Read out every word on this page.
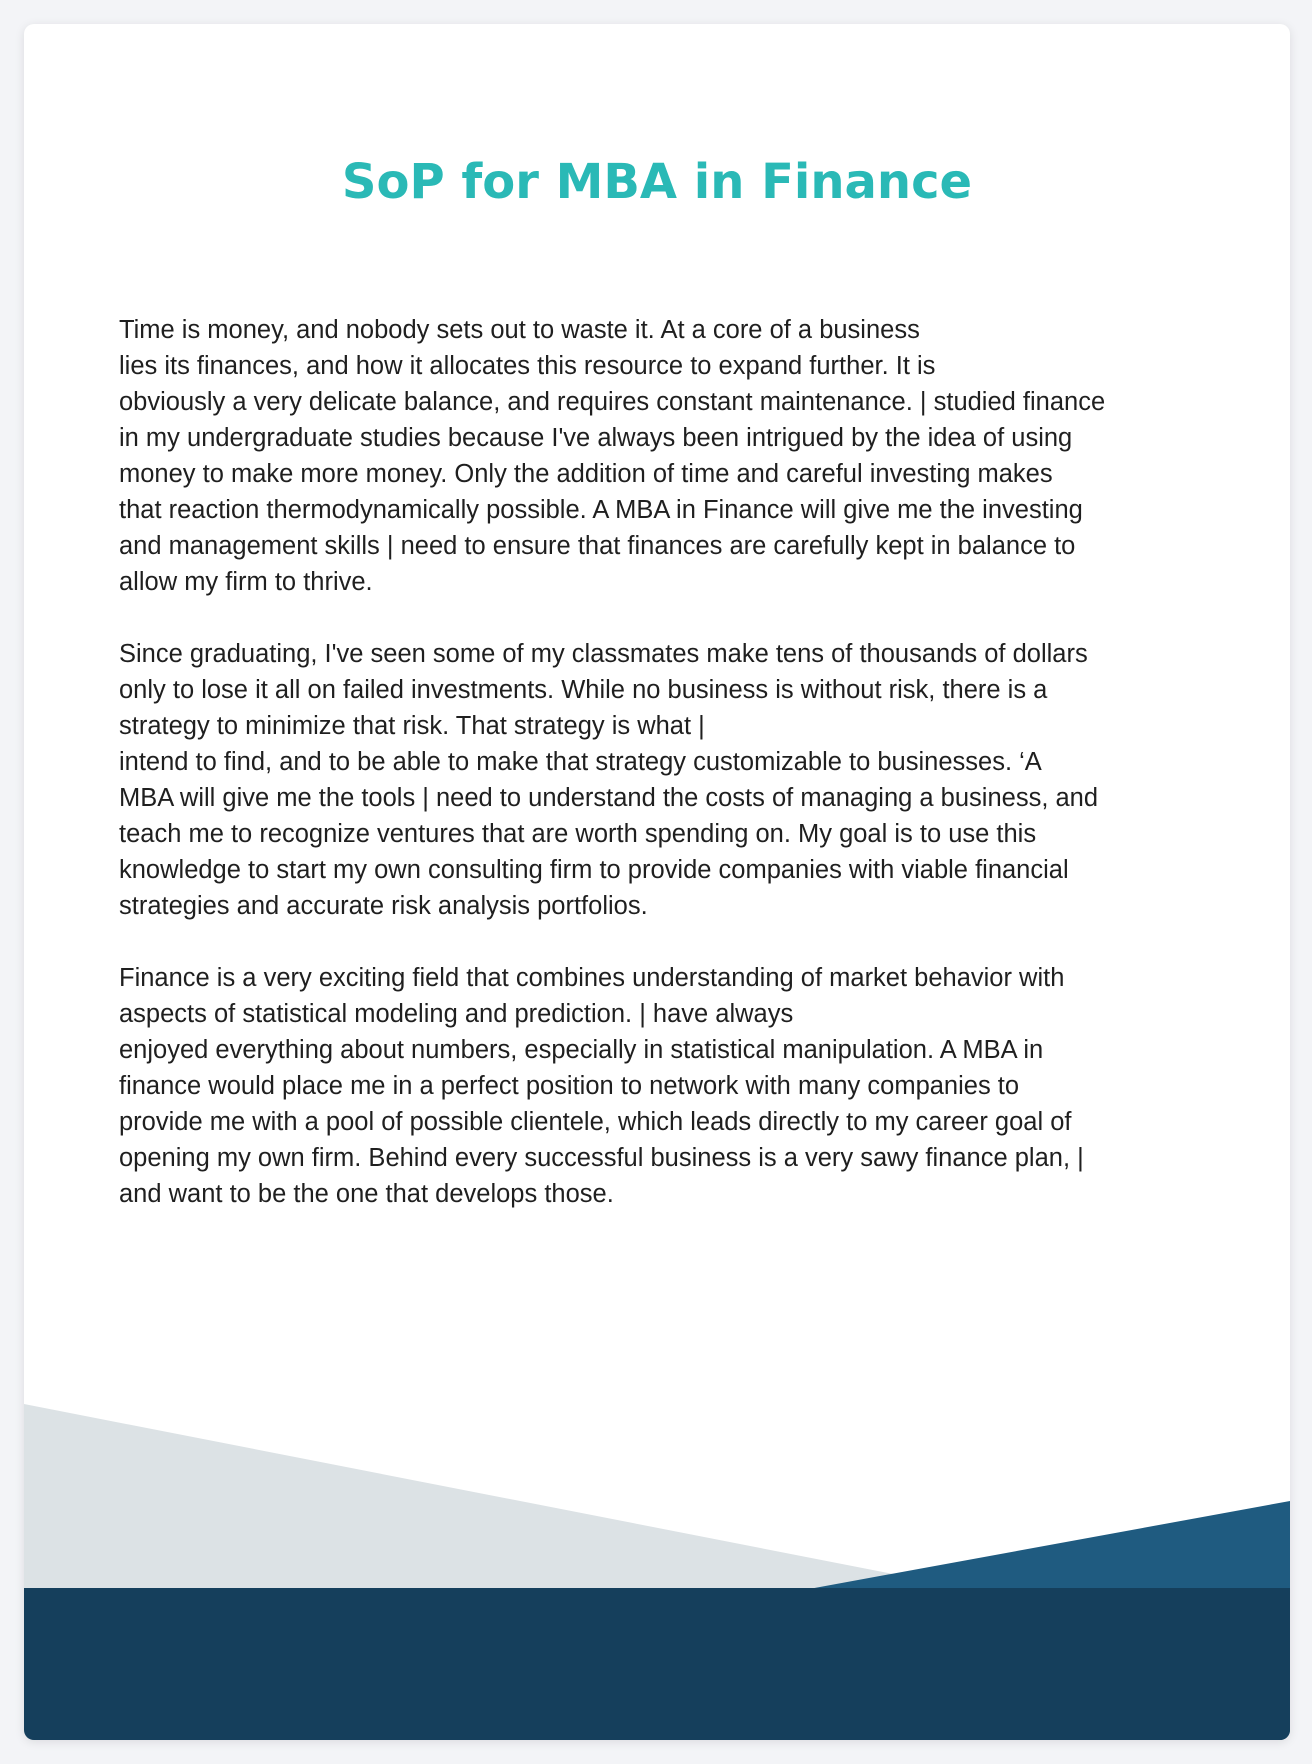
SoP for MBA in Finance

Time is money, and nobody sets out to waste it. At a core of a business
lies its finances, and how it allocates this resource to expand further. It is
obviously a very delicate balance, and requires constant maintenance. | studied finance
in my undergraduate studies because I've always been intrigued by the idea of using
money to make more money. Only the addition of time and careful investing makes
that reaction thermodynamically possible. A MBA in Finance will give me the investing
and management skills | need to ensure that finances are carefully kept in balance to
allow my firm to thrive.

Since graduating, I've seen some of my classmates make tens of thousands of dollars
only to lose it all on failed investments. While no business is without risk, there is a
strategy to minimize that risk. That strategy is what |
intend to find, and to be able to make that strategy customizable to businesses. ‘A
MBA will give me the tools | need to understand the costs of managing a business, and
teach me to recognize ventures that are worth spending on. My goal is to use this
knowledge to start my own consulting firm to provide companies with viable financial
strategies and accurate risk analysis portfolios.

Finance is a very exciting field that combines understanding of market behavior with
aspects of statistical modeling and prediction. | have always
enjoyed everything about numbers, especially in statistical manipulation. A MBA in
finance would place me in a perfect position to network with many companies to
provide me with a pool of possible clientele, which leads directly to my career goal of
opening my own firm. Behind every successful business is a very sawy finance plan, |
and want to be the one that develops those.
